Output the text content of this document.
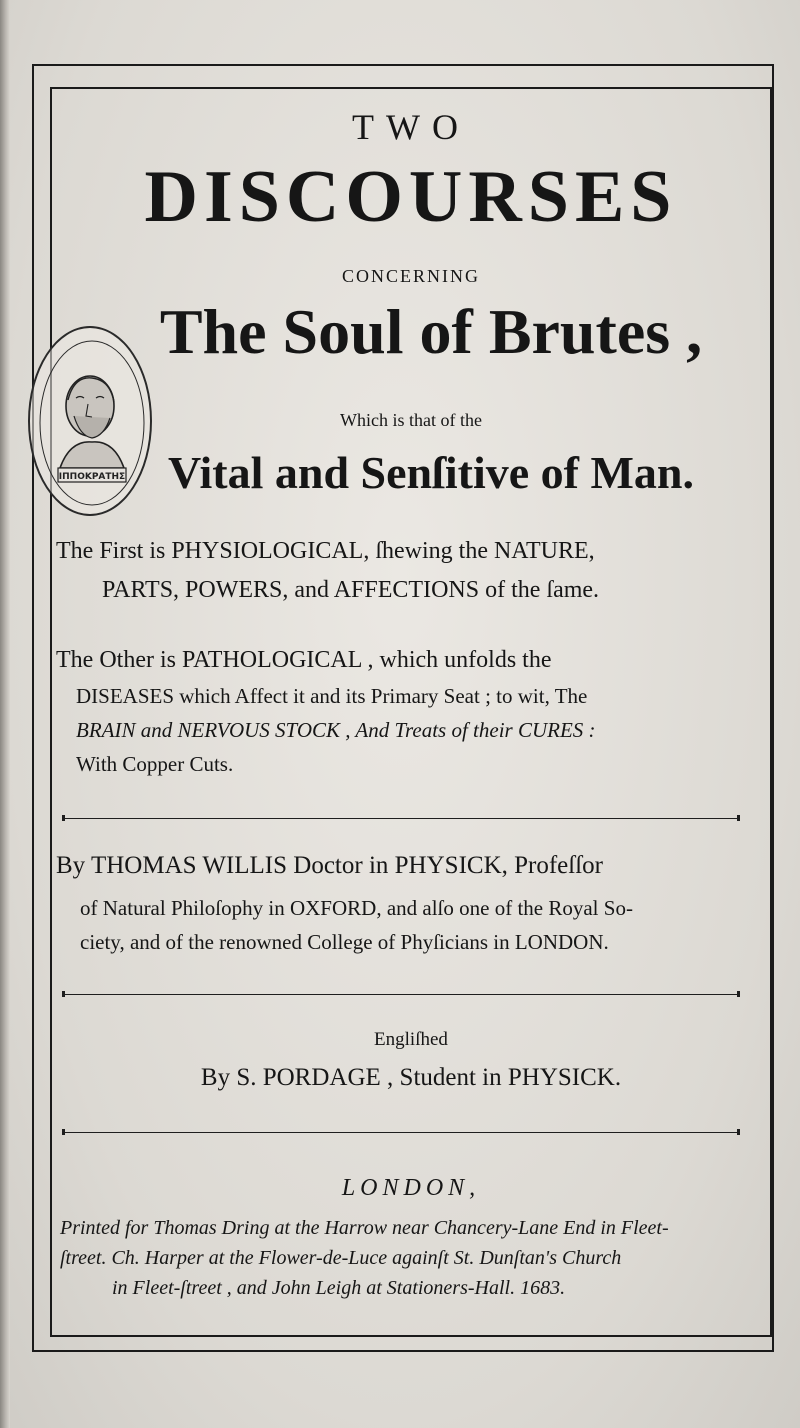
TWO
DISCOURSES
CONCERNING
The Soul of Brutes ,
Which is that of the
Vital and Senſitive of Man.
The First is PHYSIOLOGICAL, ſhewing the NATURE,
PARTS, POWERS, and AFFECTIONS of the ſame.
The Other is PATHOLOGICAL , which unfolds the
DISEASES which Affect it and its Primary Seat ; to wit, The
BRAIN and NERVOUS STOCK , And Treats of their CURES :
With Copper Cuts.
By THOMAS WILLIS Doctor in PHYSICK, Profeſſor
of Natural Philoſophy in OXFORD, and alſo one of the Royal So-
ciety, and of the renowned College of Phyſicians in LONDON.
Engliſhed
By S. PORDAGE , Student in PHYSICK.
LONDON,
Printed for Thomas Dring at the Harrow near Chancery-Lane End in Fleet-
ſtreet. Ch. Harper at the Flower-de-Luce againſt St. Dunſtan's Church
in Fleet-ſtreet , and John Leigh at Stationers-Hall. 1683.
ΙΠΠΟΚΡΑΤΗΣ
